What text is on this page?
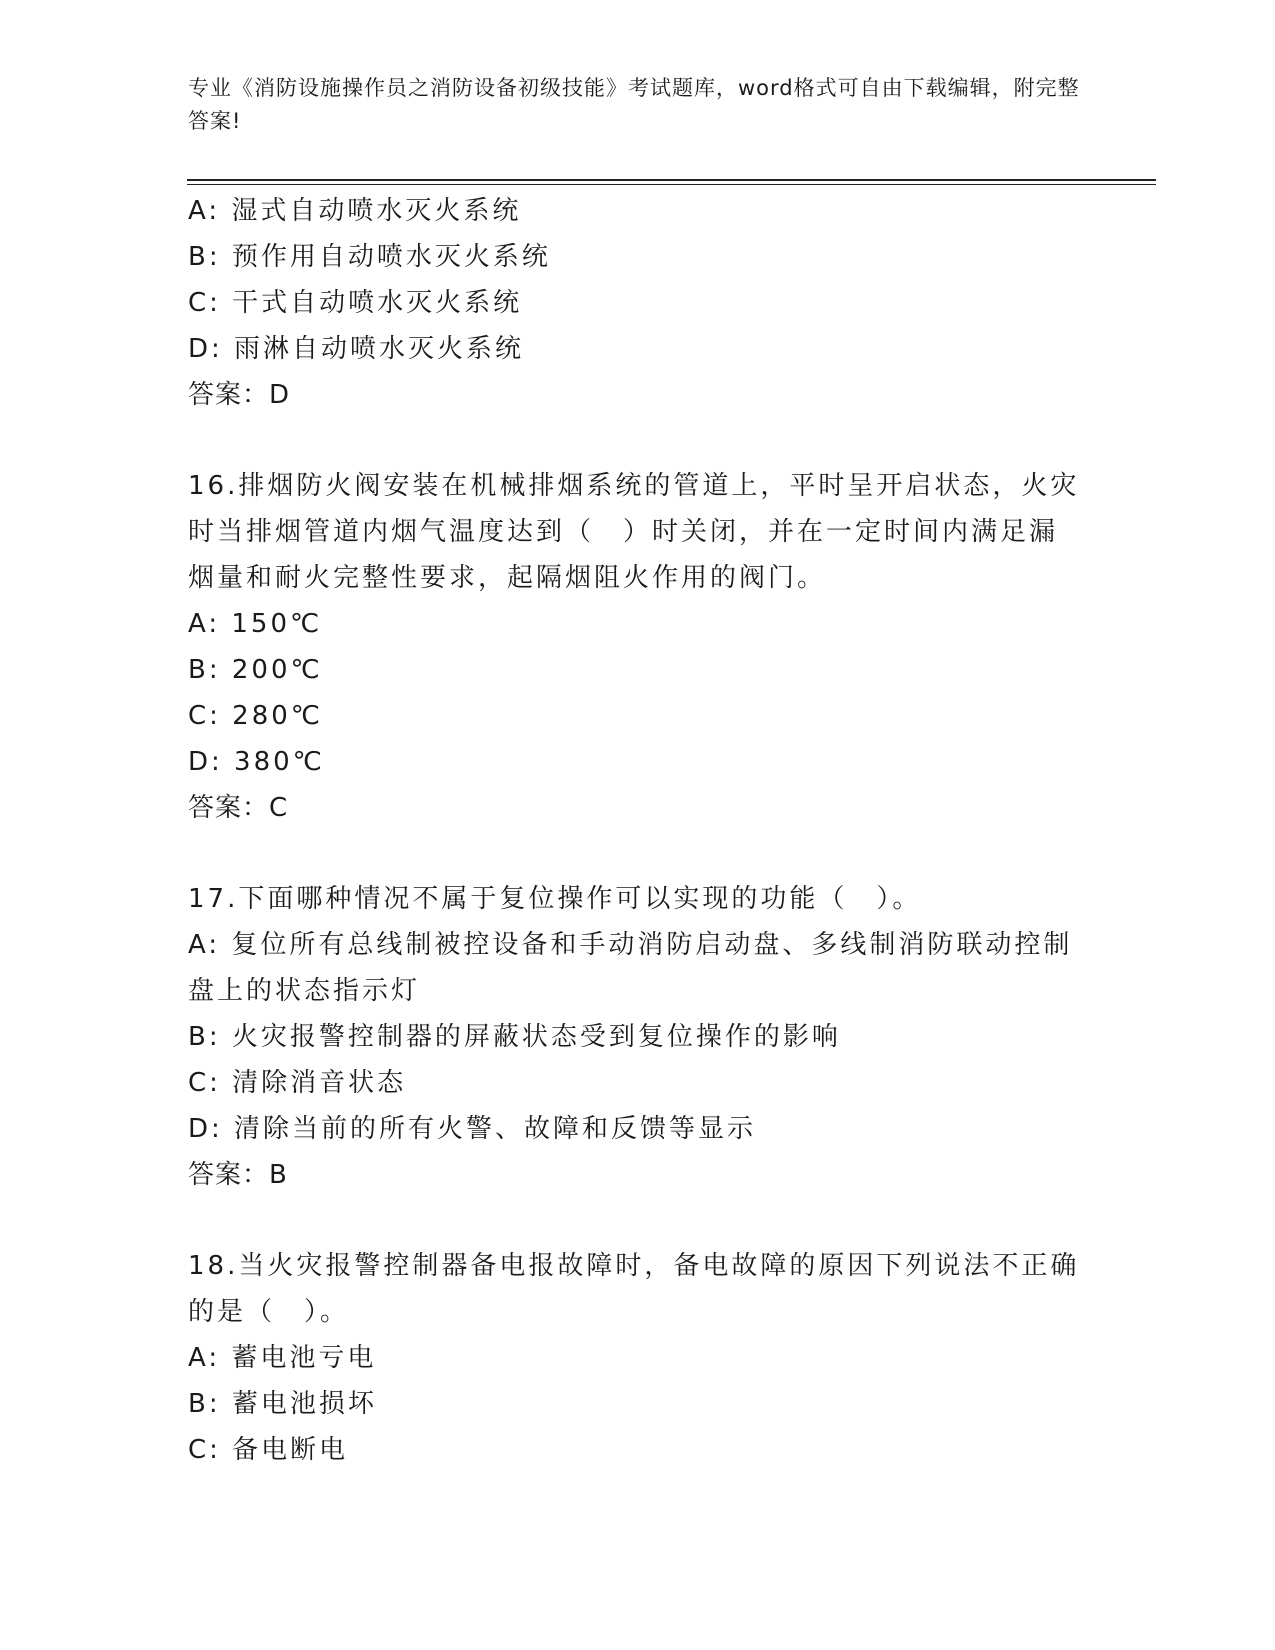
专业《消防设施操作员之消防设备初级技能》考试题库，word格式可自由下载编辑，附完整答案!
A: 湿式自动喷水灭火系统
B: 预作用自动喷水灭火系统
C: 干式自动喷水灭火系统
D: 雨淋自动喷水灭火系统
答案：D
16.排烟防火阀安装在机械排烟系统的管道上，平时呈开启状态，火灾
时当排烟管道内烟气温度达到（　）时关闭，并在一定时间内满足漏
烟量和耐火完整性要求，起隔烟阻火作用的阀门。
A: 150℃
B: 200℃
C: 280℃
D: 380℃
答案：C
17.下面哪种情况不属于复位操作可以实现的功能（　）。
A: 复位所有总线制被控设备和手动消防启动盘、多线制消防联动控制
盘上的状态指示灯
B: 火灾报警控制器的屏蔽状态受到复位操作的影响
C: 清除消音状态
D: 清除当前的所有火警、故障和反馈等显示
答案：B
18.当火灾报警控制器备电报故障时，备电故障的原因下列说法不正确
的是（　）。
A: 蓄电池亏电
B: 蓄电池损坏
C: 备电断电
